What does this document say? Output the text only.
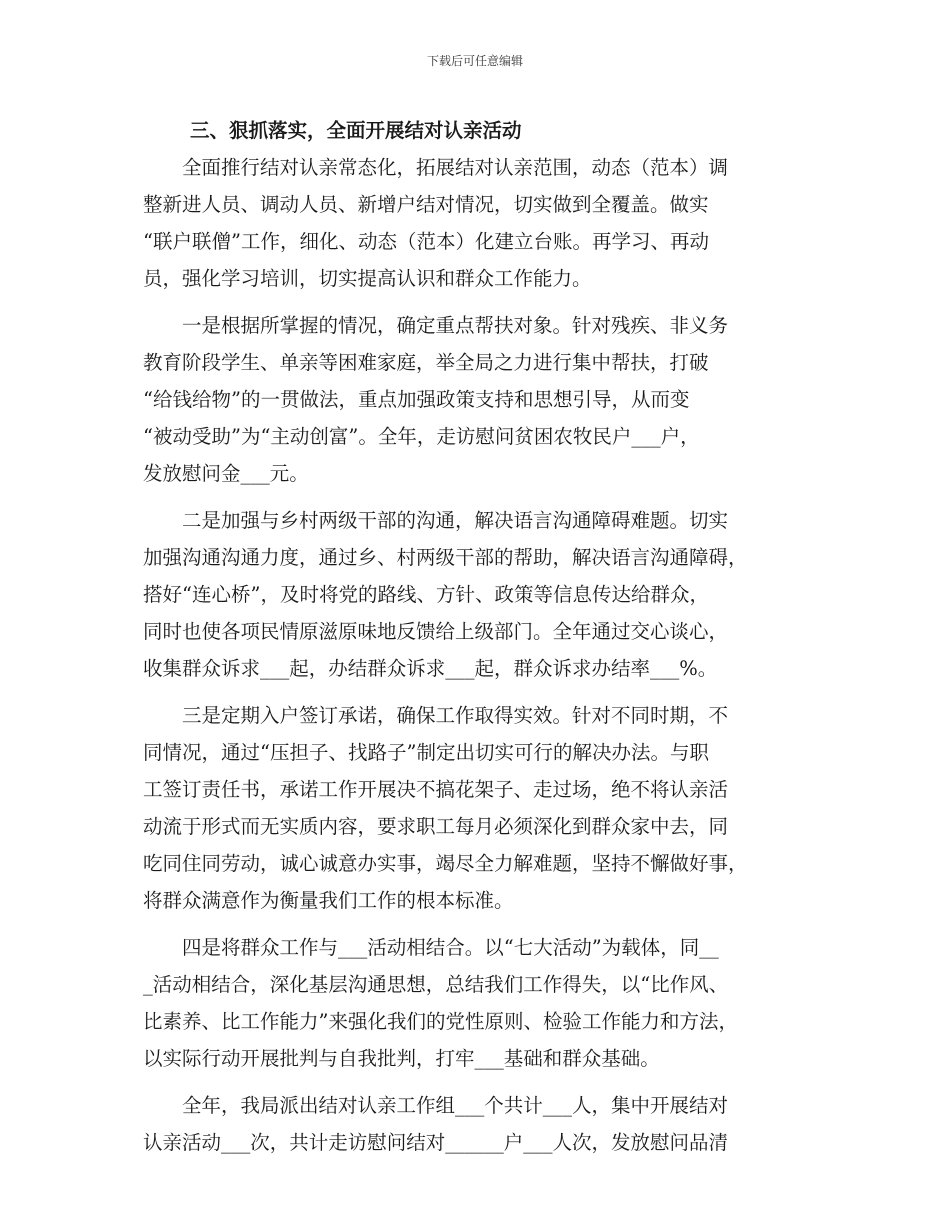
下载后可任意编辑
三、狠抓落实，全面开展结对认亲活动
　　全面推行结对认亲常态化，拓展结对认亲范围，动态（范本）调
整新进人员、调动人员、新增户结对情况，切实做到全覆盖。做实
“联户联僧”工作，细化、动态（范本）化建立台账。再学习、再动
员，强化学习培训，切实提高认识和群众工作能力。
　　一是根据所掌握的情况，确定重点帮扶对象。针对残疾、非义务
教育阶段学生、单亲等困难家庭，举全局之力进行集中帮扶，打破
“给钱给物”的一贯做法，重点加强政策支持和思想引导，从而变
“被动受助”为“主动创富”。全年，走访慰问贫困农牧民户___户，
发放慰问金___元。
　　二是加强与乡村两级干部的沟通，解决语言沟通障碍难题。切实
加强沟通沟通力度，通过乡、村两级干部的帮助，解决语言沟通障碍，
搭好“连心桥”，及时将党的路线、方针、政策等信息传达给群众，
同时也使各项民情原滋原味地反馈给上级部门。全年通过交心谈心，
收集群众诉求___起，办结群众诉求___起，群众诉求办结率___%。
　　三是定期入户签订承诺，确保工作取得实效。针对不同时期，不
同情况，通过“压担子、找路子”制定出切实可行的解决办法。与职
工签订责任书，承诺工作开展决不搞花架子、走过场，绝不将认亲活
动流于形式而无实质内容，要求职工每月必须深化到群众家中去，同
吃同住同劳动，诚心诚意办实事，竭尽全力解难题，坚持不懈做好事，
将群众满意作为衡量我们工作的根本标准。
　　四是将群众工作与___活动相结合。以“七大活动”为载体，同__
_活动相结合，深化基层沟通思想，总结我们工作得失，以“比作风、
比素养、比工作能力”来强化我们的党性原则、检验工作能力和方法，
以实际行动开展批判与自我批判，打牢___基础和群众基础。
　　全年，我局派出结对认亲工作组___个共计___人，集中开展结对
认亲活动___次，共计走访慰问结对______户___人次，发放慰问品清
